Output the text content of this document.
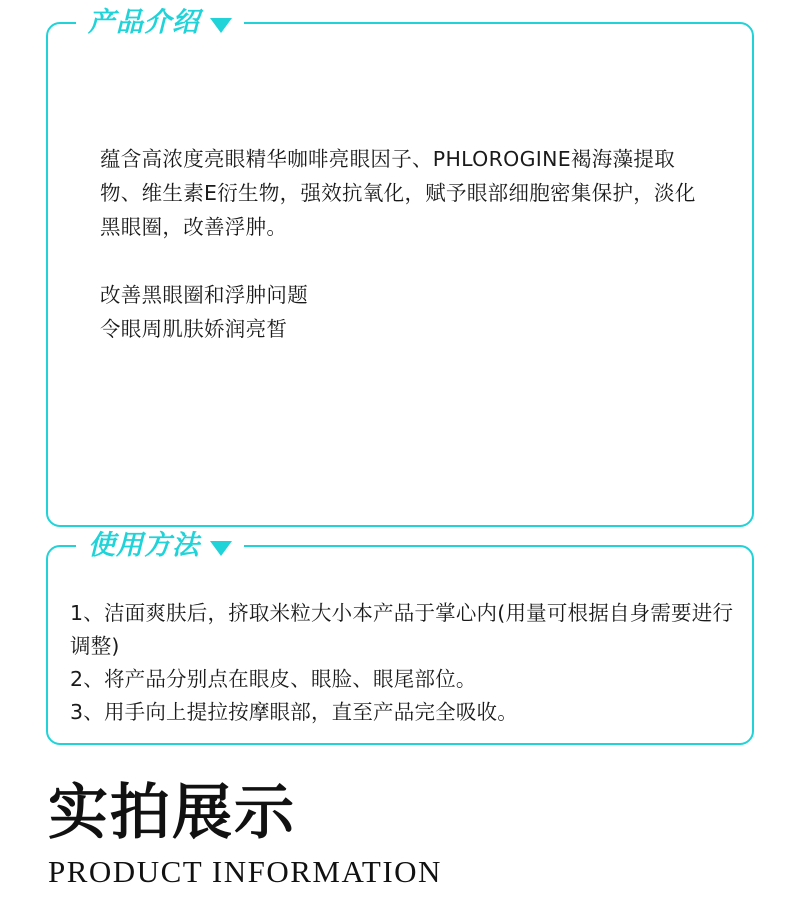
产品介绍

蕴含高浓度亮眼精华咖啡亮眼因子、PHLOROGINE褐海藻提取物、维生素E衍生物，强效抗氧化，赋予眼部细胞密集保护，淡化黑眼圈，改善浮肿。

改善黑眼圈和浮肿问题

令眼周肌肤娇润亮皙

使用方法

1、洁面爽肤后，挤取米粒大小本产品于掌心内(用量可根据自身需要进行调整)

2、将产品分别点在眼皮、眼脸、眼尾部位。

3、用手向上提拉按摩眼部，直至产品完全吸收。

实拍展示
PRODUCT INFORMATION
